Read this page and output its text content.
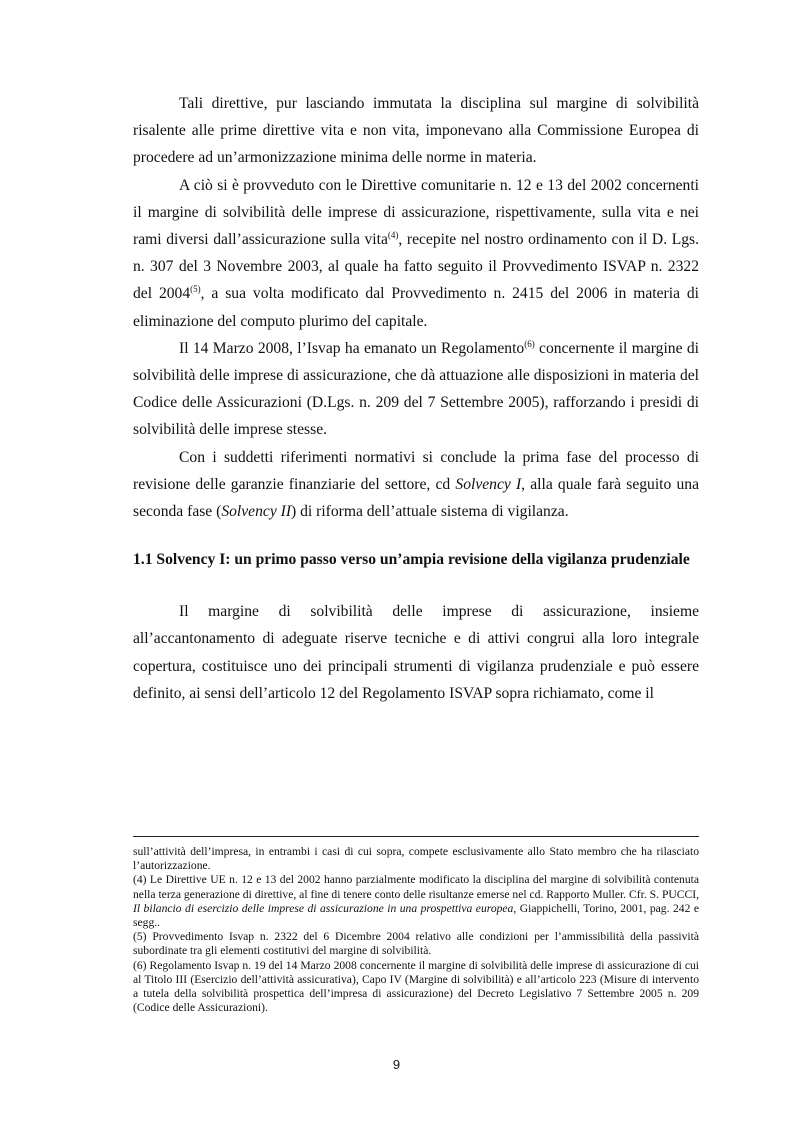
Tali direttive, pur lasciando immutata la disciplina sul margine di solvibilità risalente alle prime direttive vita e non vita, imponevano alla Commissione Europea di procedere ad un’armonizzazione minima delle norme in materia.

A ciò si è provveduto con le Direttive comunitarie n. 12 e 13 del 2002 concernenti il margine di solvibilità delle imprese di assicurazione, rispettivamente, sulla vita e nei rami diversi dall’assicurazione sulla vita$^{(4)}$, recepite nel nostro ordinamento con il D. Lgs. n. 307 del 3 Novembre 2003, al quale ha fatto seguito il Provvedimento ISVAP n. 2322 del 2004$^{(5)}$, a sua volta modificato dal Provvedimento n. 2415 del 2006 in materia di eliminazione del computo plurimo del capitale.

Il 14 Marzo 2008, l’Isvap ha emanato un Regolamento$^{(6)}$ concernente il margine di solvibilità delle imprese di assicurazione, che dà attuazione alle disposizioni in materia del Codice delle Assicurazioni (D.Lgs. n. 209 del 7 Settembre 2005), rafforzando i presidi di solvibilità delle imprese stesse.

Con i suddetti riferimenti normativi si conclude la prima fase del processo di revisione delle garanzie finanziarie del settore, cd Solvency I, alla quale farà seguito una seconda fase (Solvency II) di riforma dell’attuale sistema di vigilanza.

1.1 Solvency I: un primo passo verso un’ampia revisione della vigilanza prudenziale

Il margine di solvibilità delle imprese di assicurazione, insieme all’accantonamento di adeguate riserve tecniche e di attivi congrui alla loro integrale copertura, costituisce uno dei principali strumenti di vigilanza prudenziale e può essere definito, ai sensi dell’articolo 12 del Regolamento ISVAP sopra richiamato, come il

sull’attività dell’impresa, in entrambi i casi di cui sopra, compete esclusivamente allo Stato membro che ha rilasciato l’autorizzazione.

(4) Le Direttive UE n. 12 e 13 del 2002 hanno parzialmente modificato la disciplina del margine di solvibilità contenuta nella terza generazione di direttive, al fine di tenere conto delle risultanze emerse nel cd. Rapporto Muller. Cfr. S. PUCCI, Il bilancio di esercizio delle imprese di assicurazione in una prospettiva europea, Giappichelli, Torino, 2001, pag. 242 e segg..

(5) Provvedimento Isvap n. 2322 del 6 Dicembre 2004 relativo alle condizioni per l’ammissibilità della passività subordinate tra gli elementi costitutivi del margine di solvibilità.

(6) Regolamento Isvap n. 19 del 14 Marzo 2008 concernente il margine di solvibilità delle imprese di assicurazione di cui al Titolo III (Esercizio dell’attività assicurativa), Capo IV (Margine di solvibilità) e all’articolo 223 (Misure di intervento a tutela della solvibilità prospettica dell’impresa di assicurazione) del Decreto Legislativo 7 Settembre 2005 n. 209 (Codice delle Assicurazioni).

9
